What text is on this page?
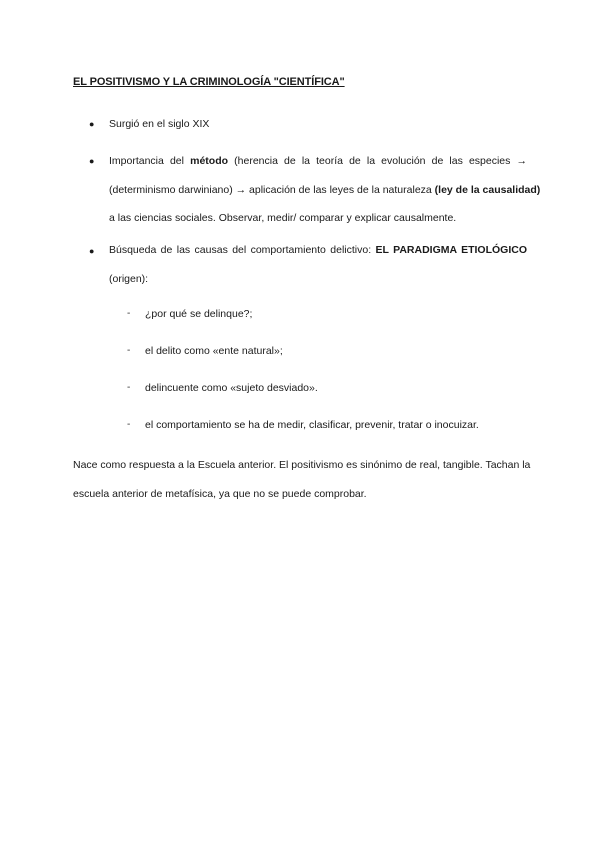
EL POSITIVISMO Y LA CRIMINOLOGÍA "CIENTÍFICA"
● Surgió en el siglo XIX
● Importancia del método (herencia de la teoría de la evolución de las especies →
(determinismo darwiniano) → aplicación de las leyes de la naturaleza (ley de la causalidad)
a las ciencias sociales. Observar, medir/ comparar y explicar causalmente.
● Búsqueda de las causas del comportamiento delictivo: EL PARADIGMA ETIOLÓGICO
(origen):
- ¿por qué se delinque?;
- el delito como «ente natural»;
- delincuente como «sujeto desviado».
- el comportamiento se ha de medir, clasificar, prevenir, tratar o inocuizar.
Nace como respuesta a la Escuela anterior. El positivismo es sinónimo de real, tangible. Tachan la
escuela anterior de metafísica, ya que no se puede comprobar.
